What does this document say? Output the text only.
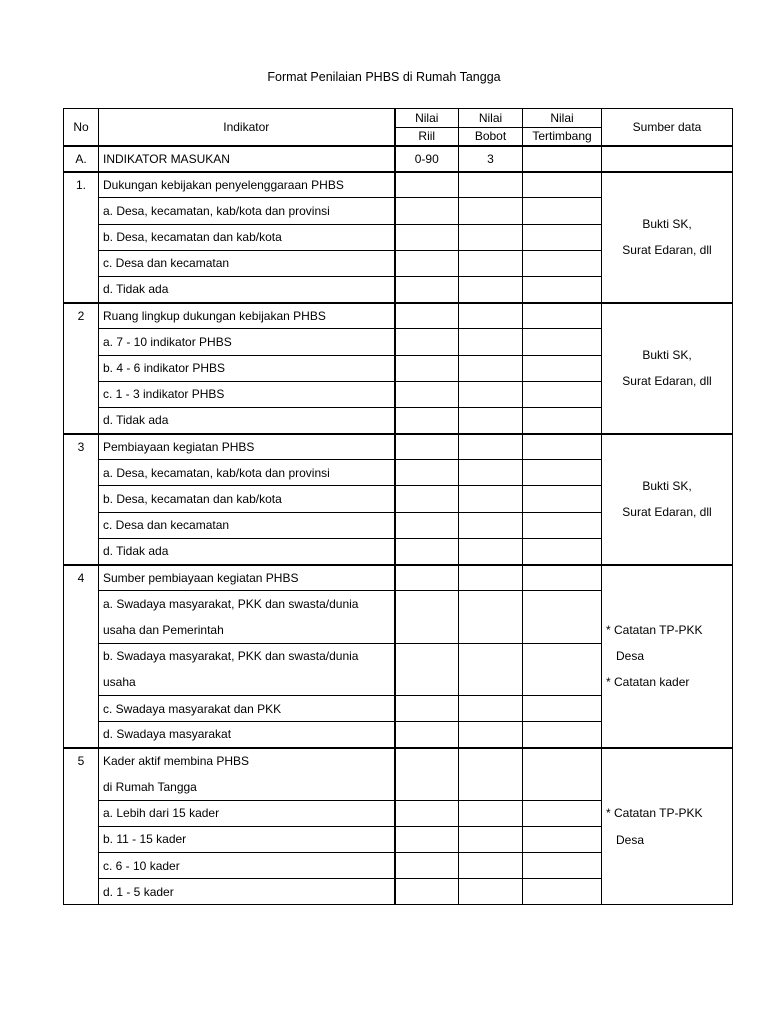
Format Penilaian PHBS di Rumah Tangga
No	Indikator	Nilai	Nilai	Nilai	Sumber data
		Riil	Bobot	Tertimbang	
A.	INDIKATOR MASUKAN	0-90	3		
1.	Dukungan kebijakan penyelenggaraan PHBS				Bukti SK,
Surat Edaran, dll

	a. Desa, kecamatan, kab/kota dan provinsi				
	b. Desa, kecamatan dan kab/kota				
	c. Desa dan kecamatan				
	d. Tidak ada				
2	Ruang lingkup dukungan kebijakan PHBS				Bukti SK,
Surat Edaran, dll

	a. 7 - 10 indikator PHBS				
	b. 4 - 6 indikator PHBS				
	c. 1 - 3 indikator PHBS				
	d. Tidak ada				
3	Pembiayaan kegiatan PHBS				Bukti SK,
Surat Edaran, dll

	a. Desa, kecamatan, kab/kota dan provinsi				
	b. Desa, kecamatan dan kab/kota				
	c. Desa dan kecamatan				
	d. Tidak ada				
4	Sumber pembiayaan kegiatan PHBS				* Catatan TP-PKK
Desa
* Catatan kader

	a. Swadaya masyarakat, PKK dan swasta/dunia				
	usaha dan Pemerintah				
	b. Swadaya masyarakat, PKK dan swasta/dunia				
	usaha				
	c. Swadaya masyarakat dan PKK				
	d. Swadaya masyarakat				
5	Kader aktif membina PHBS				* Catatan TP-PKK
Desa

	di Rumah Tangga				
	a. Lebih dari 15 kader				
	b. 11 - 15 kader				
	c. 6 - 10 kader				
	d. 1 - 5 kader				
